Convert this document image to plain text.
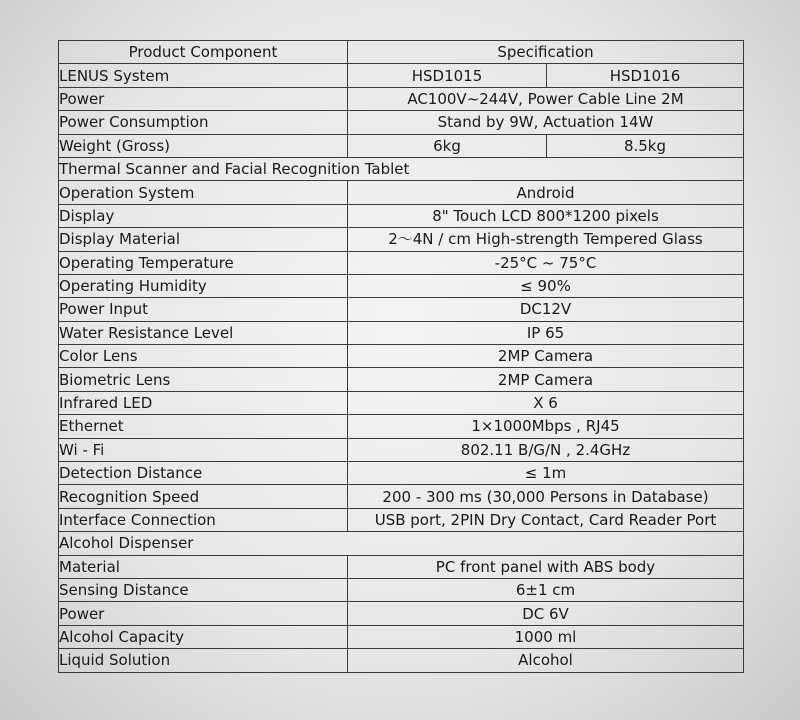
Product Component	Specification	
LENUS System	HSD1015	HSD1016
Power	AC100V~244V, Power Cable Line 2M	
Power Consumption	Stand by 9W, Actuation 14W	
Weight (Gross)	6kg	8.5kg
Thermal Scanner and Facial Recognition Tablet		
Operation System	Android	
Display	8" Touch LCD 800*1200 pixels	
Display Material	2〜4N / cm High-strength Tempered Glass	
Operating Temperature	-25°C ~ 75°C	
Operating Humidity	≤ 90%	
Power Input	DC12V	
Water Resistance Level	IP 65	
Color Lens	2MP Camera	
Biometric Lens	2MP Camera	
Infrared LED	X 6	
Ethernet	1×1000Mbps , RJ45	
Wi - Fi	802.11 B/G/N , 2.4GHz	
Detection Distance	≤ 1m	
Recognition Speed	200 - 300 ms (30,000 Persons in Database)	
Interface Connection	USB port, 2PIN Dry Contact, Card Reader Port	
Alcohol Dispenser		
Material	PC front panel with ABS body	
Sensing Distance	6±1 cm	
Power	DC 6V	
Alcohol Capacity	1000 ml	
Liquid Solution	Alcohol	
